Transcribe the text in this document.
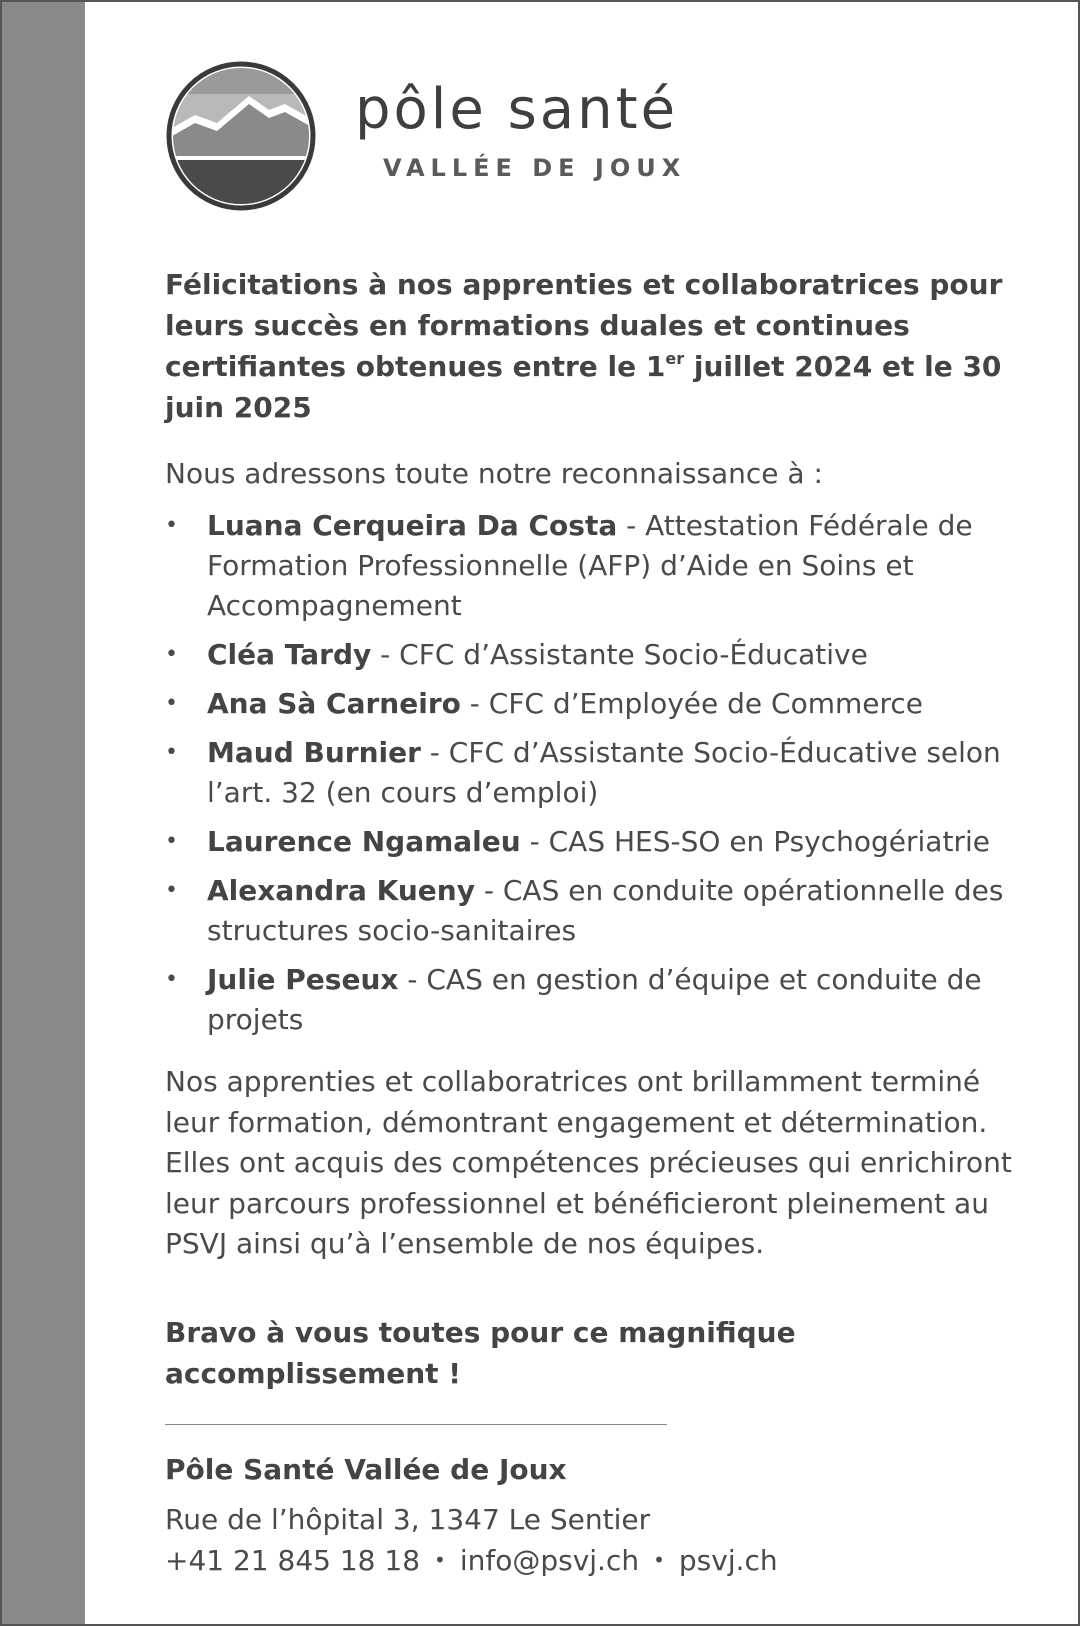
pôle santé
VALLÉE DE JOUX
Félicitations à nos apprenties et collaboratrices pour leurs succès en formations duales et continues certifiantes obtenues entre le 1er juillet 2024 et le 30 juin 2025

Nous adressons toute notre reconnaissance à :

• Luana Cerqueira Da Costa - Attestation Fédérale de Formation Professionnelle (AFP) d’Aide en Soins et Accompagnement
• Cléa Tardy - CFC d’Assistante Socio-Éducative
• Ana Sà Carneiro - CFC d’Employée de Commerce
• Maud Burnier - CFC d’Assistante Socio-Éducative selon l’art. 32 (en cours d’emploi)
• Laurence Ngamaleu - CAS HES-SO en Psychogériatrie
• Alexandra Kueny - CAS en conduite opérationnelle des structures socio-sanitaires
• Julie Peseux - CAS en gestion d’équipe et conduite de projets

Nos apprenties et collaboratrices ont brillamment terminé leur formation, démontrant engagement et détermination. Elles ont acquis des compétences précieuses qui enrichiront leur parcours professionnel et bénéficieront pleinement au PSVJ ainsi qu’à l’ensemble de nos équipes.

Bravo à vous toutes pour ce magnifique accomplissement !

Pôle Santé Vallée de Joux

Rue de l’hôpital 3, 1347 Le Sentier

+41 21 845 18 18 • info@psvj.ch • psvj.ch
